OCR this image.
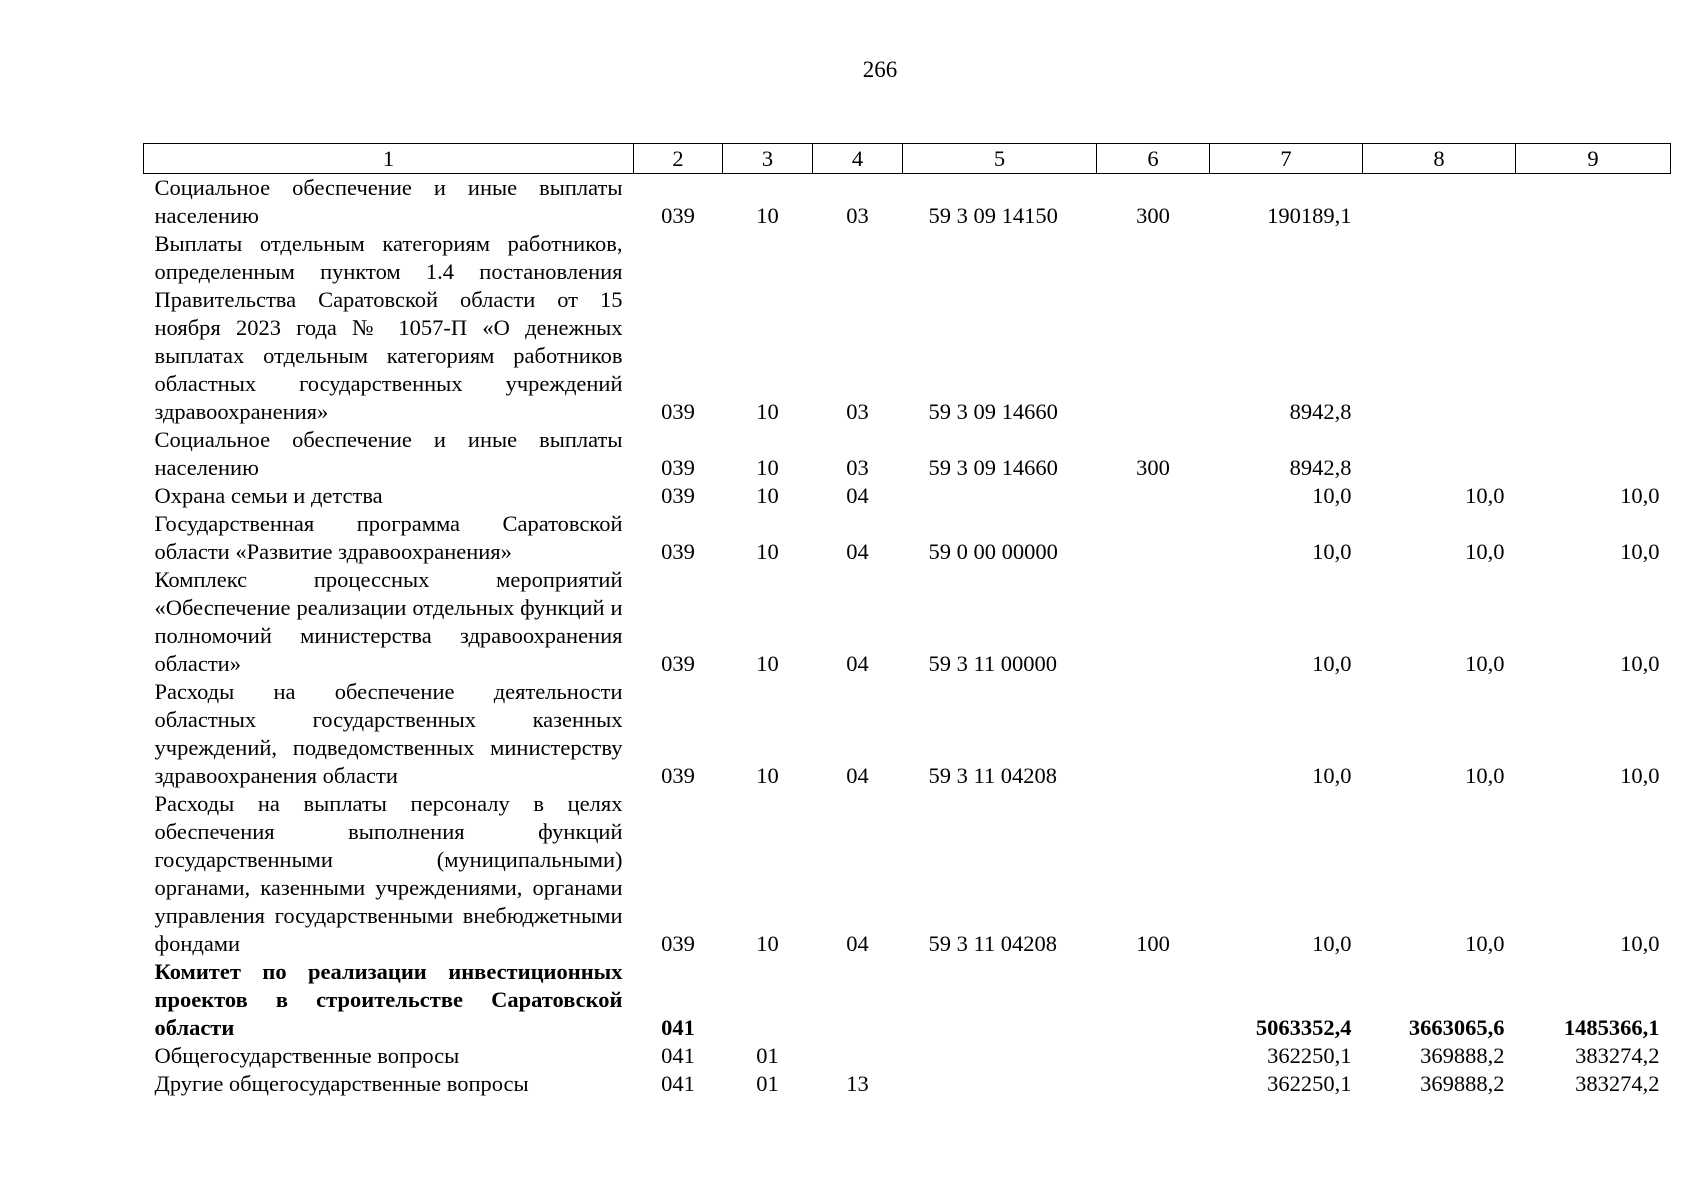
266
1	2	3	4	5	6	7	8	9
Социальное обеспечение и иные выплаты населению	039	10	03	59 3 09 14150	300	190189,1		
Выплаты отдельным категориям работников, определенным пунктом 1.4 постановления Правительства Саратовской области от 15 ноября 2023 года № 1057-П «О денежных выплатах отдельным категориям работников областных государственных учреждений здравоохранения»	039	10	03	59 3 09 14660		8942,8		
Социальное обеспечение и иные выплаты населению	039	10	03	59 3 09 14660	300	8942,8		
Охрана семьи и детства	039	10	04			10,0	10,0	10,0
Государственная программа Саратовской области «Развитие здравоохранения»	039	10	04	59 0 00 00000		10,0	10,0	10,0
Комплекс процессных мероприятий «Обеспечение реализации отдельных функций и полномочий министерства здравоохранения области»	039	10	04	59 3 11 00000		10,0	10,0	10,0
Расходы на обеспечение деятельности областных государственных казенных учреждений, подведомственных министерству здравоохранения области	039	10	04	59 3 11 04208		10,0	10,0	10,0
Расходы на выплаты персоналу в целях обеспечения выполнения функций государственными (муниципальными) органами, казенными учреждениями, органами управления государственными внебюджетными фондами	039	10	04	59 3 11 04208	100	10,0	10,0	10,0
Комитет по реализации инвестиционных проектов в строительстве Саратовской области	041					5063352,4	3663065,6	1485366,1
Общегосударственные вопросы	041	01				362250,1	369888,2	383274,2
Другие общегосударственные вопросы	041	01	13			362250,1	369888,2	383274,2
